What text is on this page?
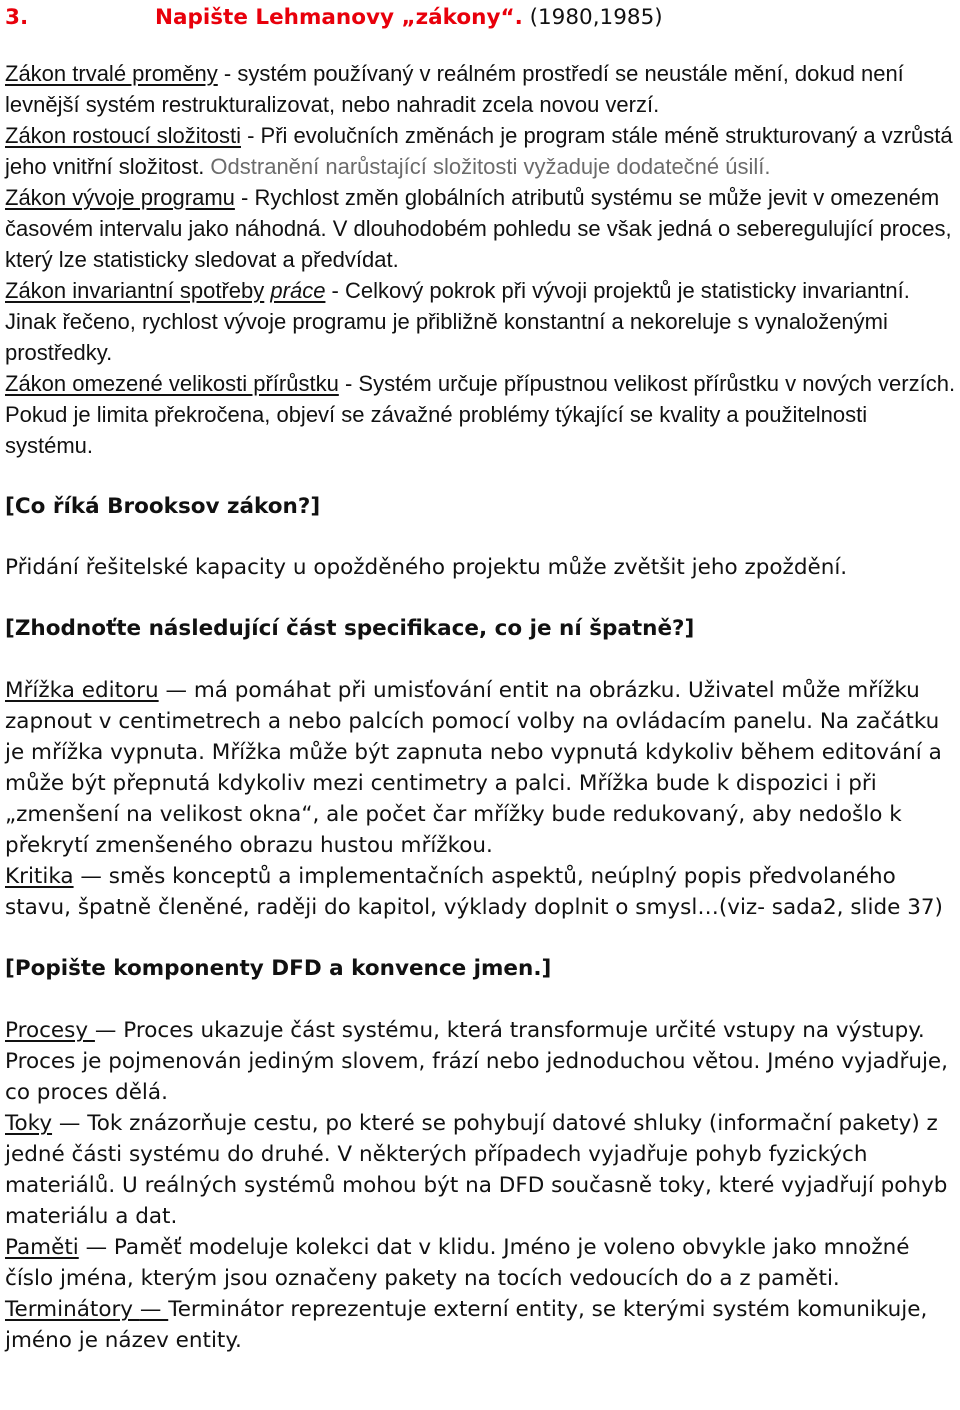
3.	Napište Lehmanovy „zákony“. (1980,1985)

Zákon trvalé proměny - systém používaný v reálném prostředí se neustále mění, dokud není levnější systém restrukturalizovat, nebo nahradit zcela novou verzí.

Zákon rostoucí složitosti - Při evolučních změnách je program stále méně strukturovaný a vzrůstá jeho vnitřní složitost. Odstranění narůstající složitosti vyžaduje dodatečné úsilí.

Zákon vývoje programu - Rychlost změn globálních atributů systému se může jevit v omezeném časovém intervalu jako náhodná. V dlouhodobém pohledu se však jedná o seberegulující proces, který lze statisticky sledovat a předvídat.

Zákon invariantní spotřeby práce - Celkový pokrok při vývoji projektů je statisticky invariantní. Jinak řečeno, rychlost vývoje programu je přibližně konstantní a nekoreluje s vynaloženými prostředky.

Zákon omezené velikosti přírůstku - Systém určuje přípustnou velikost přírůstku v nových verzích. Pokud je limita překročena, objeví se závažné problémy týkající se kvality a použitelnosti systému.

[Co říká Brooksov zákon?]

Přidání řešitelské kapacity u opožděného projektu může zvětšit jeho zpoždění.

[Zhodnoťte následující část specifikace, co je ní špatně?]

Mřížka editoru — má pomáhat při umisťování entit na obrázku. Uživatel může mřížku zapnout v centimetrech a nebo palcích pomocí volby na ovládacím panelu. Na začátku je mřížka vypnuta. Mřížka může být zapnuta nebo vypnutá kdykoliv během editování a může být přepnutá kdykoliv mezi centimetry a palci. Mřížka bude k dispozici i při „zmenšení na velikost okna“, ale počet čar mřížky bude redukovaný, aby nedošlo k překrytí zmenšeného obrazu hustou mřížkou.

Kritika — směs konceptů a implementačních aspektů, neúplný popis předvolaného stavu, špatně členěné, raději do kapitol, výklady doplnit o smysl…(viz- sada2, slide 37)

[Popište komponenty DFD a konvence jmen.]

Procesy — Proces ukazuje část systému, která transformuje určité vstupy na výstupy. Proces je pojmenován jediným slovem, frází nebo jednoduchou větou. Jméno vyjadřuje, co proces dělá.

Toky — Tok znázorňuje cestu, po které se pohybují datové shluky (informační pakety) z jedné části systému do druhé. V některých případech vyjadřuje pohyb fyzických materiálů. U reálných systémů mohou být na DFD současně toky, které vyjadřují pohyb materiálu a dat.

Paměti — Paměť modeluje kolekci dat v klidu. Jméno je voleno obvykle jako množné číslo jména, kterým jsou označeny pakety na tocích vedoucích do a z paměti.

Terminátory — Terminátor reprezentuje externí entity, se kterými systém komunikuje, jméno je název entity.
